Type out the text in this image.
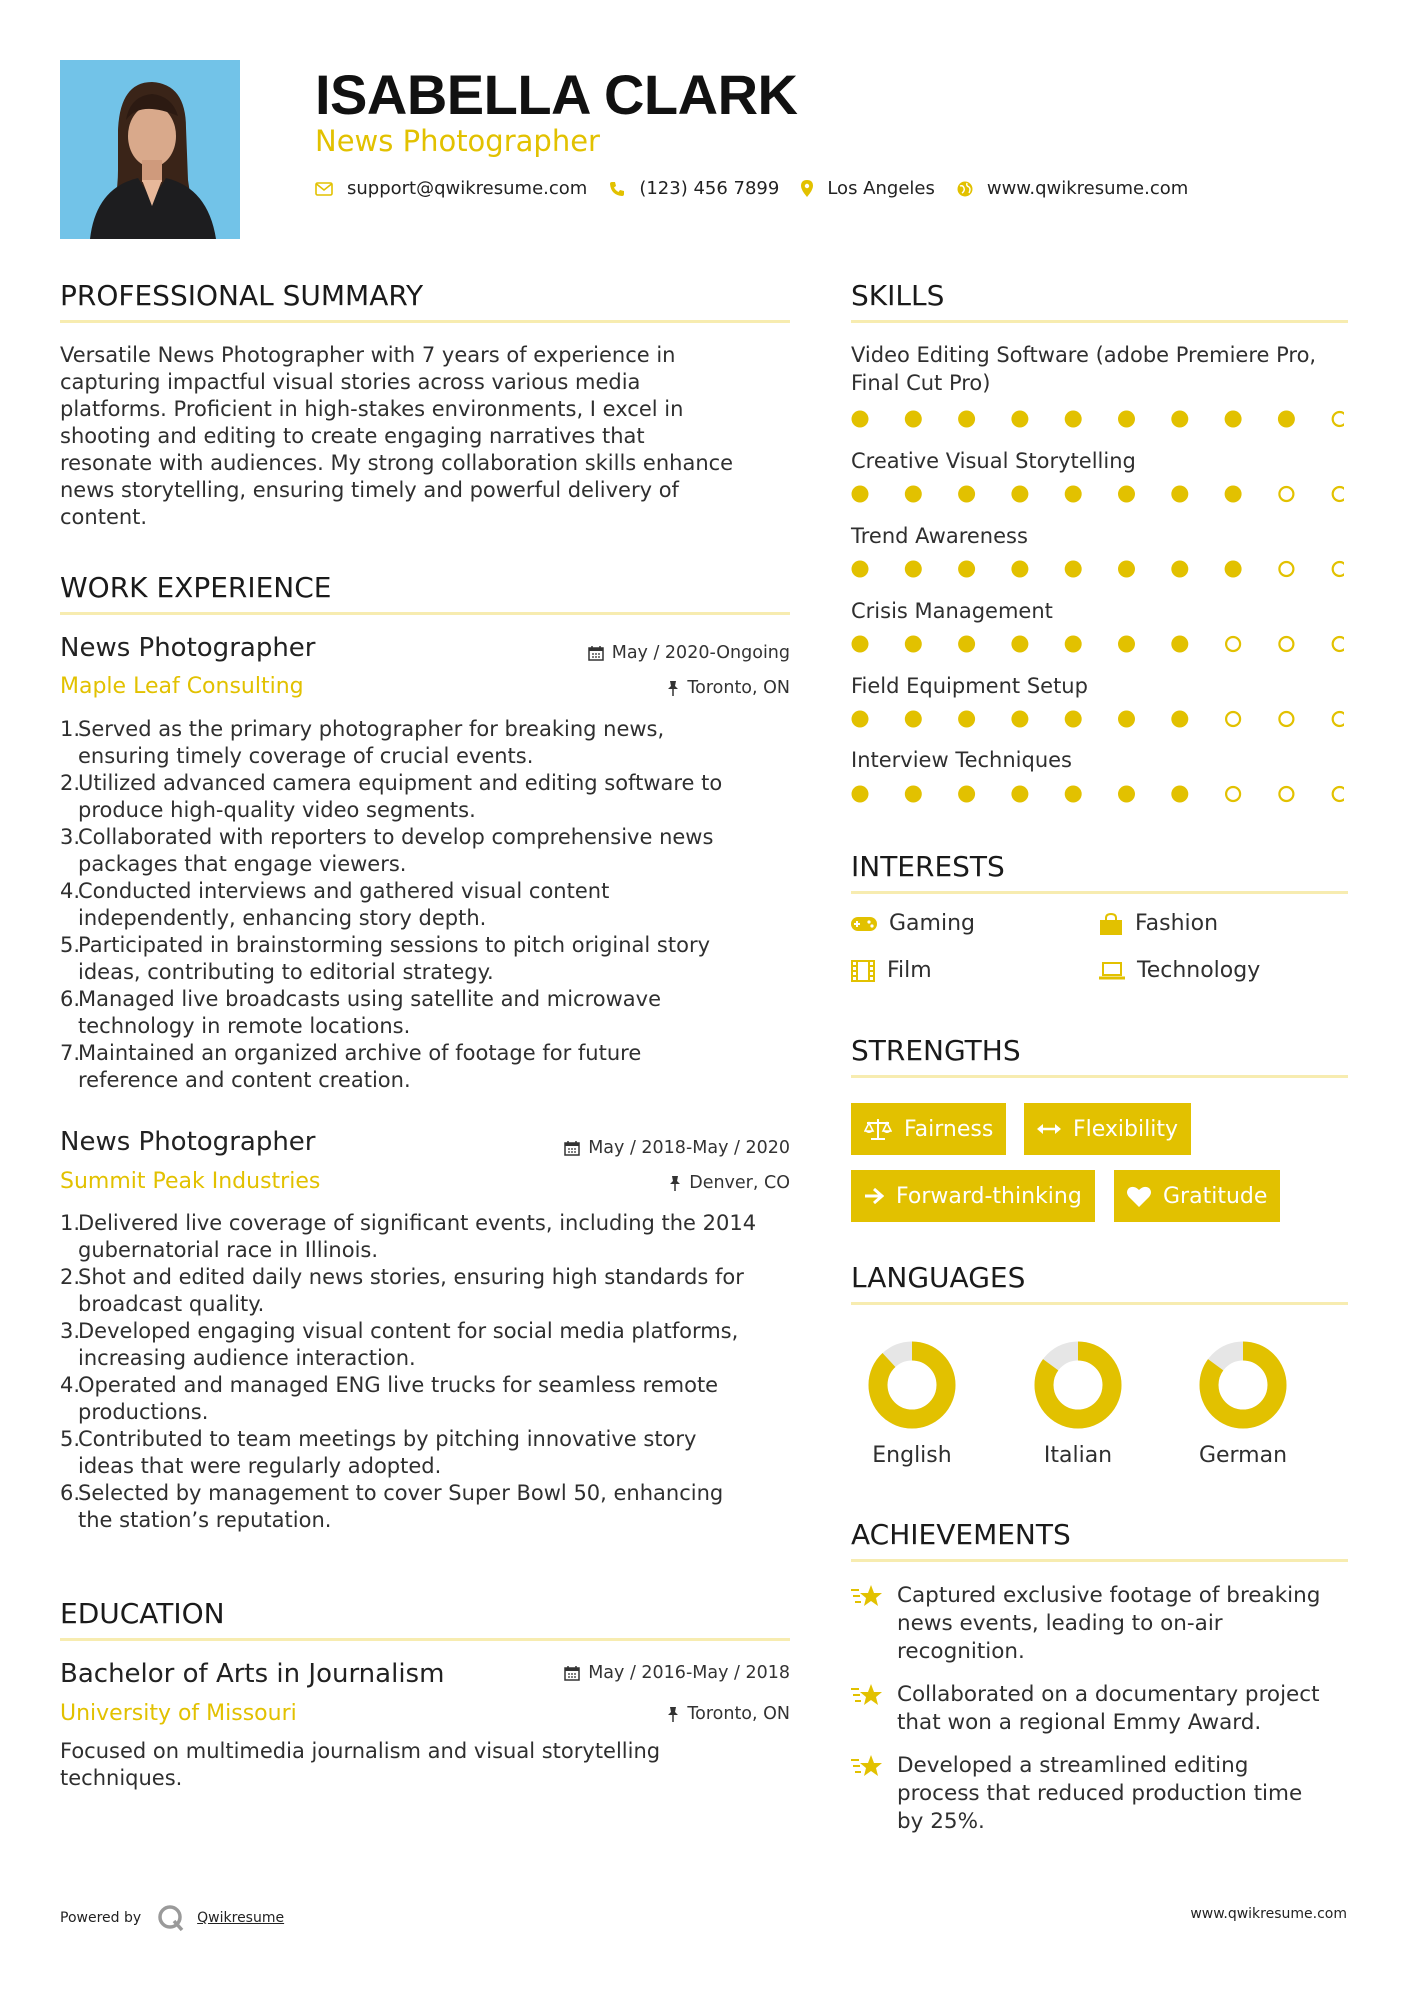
ISABELLA CLARK
News Photographer
support@qwikresume.com	(123) 456 7899	Los Angeles	www.qwikresume.com
PROFESSIONAL SUMMARY
Versatile News Photographer with 7 years of experience in
capturing impactful visual stories across various media
platforms. Proficient in high-stakes environments, I excel in
shooting and editing to create engaging narratives that
resonate with audiences. My strong collaboration skills enhance
news storytelling, ensuring timely and powerful delivery of
content.
WORK EXPERIENCE
News Photographer	May / 2020-Ongoing
Maple Leaf Consulting	Toronto, ON
1.
Served as the primary photographer for breaking news,
ensuring timely coverage of crucial events.
2.
Utilized advanced camera equipment and editing software to
produce high-quality video segments.
3.
Collaborated with reporters to develop comprehensive news
packages that engage viewers.
4.
Conducted interviews and gathered visual content
independently, enhancing story depth.
5.
Participated in brainstorming sessions to pitch original story
ideas, contributing to editorial strategy.
6.
Managed live broadcasts using satellite and microwave
technology in remote locations.
7.
Maintained an organized archive of footage for future
reference and content creation.
News Photographer	May / 2018-May / 2020
Summit Peak Industries	Denver, CO
1.
Delivered live coverage of significant events, including the 2014
gubernatorial race in Illinois.
2.
Shot and edited daily news stories, ensuring high standards for
broadcast quality.
3.
Developed engaging visual content for social media platforms,
increasing audience interaction.
4.
Operated and managed ENG live trucks for seamless remote
productions.
5.
Contributed to team meetings by pitching innovative story
ideas that were regularly adopted.
6.
Selected by management to cover Super Bowl 50, enhancing
the station’s reputation.
EDUCATION
Bachelor of Arts in Journalism	May / 2016-May / 2018
University of Missouri	Toronto, ON
Focused on multimedia journalism and visual storytelling
techniques.
SKILLS
Video Editing Software (adobe Premiere Pro,
Final Cut Pro)
Creative Visual Storytelling
Trend Awareness
Crisis Management
Field Equipment Setup
Interview Techniques
INTERESTS
Gaming	Fashion
Film	Technology
STRENGTHS
Fairness	Flexibility
Forward-thinking	Gratitude
LANGUAGES
English	Italian	German
ACHIEVEMENTS
Captured exclusive footage of breaking
news events, leading to on-air
recognition.
Collaborated on a documentary project
that won a regional Emmy Award.
Developed a streamlined editing
process that reduced production time
by 25%.
Powered by	Qwikresume	www.qwikresume.com
